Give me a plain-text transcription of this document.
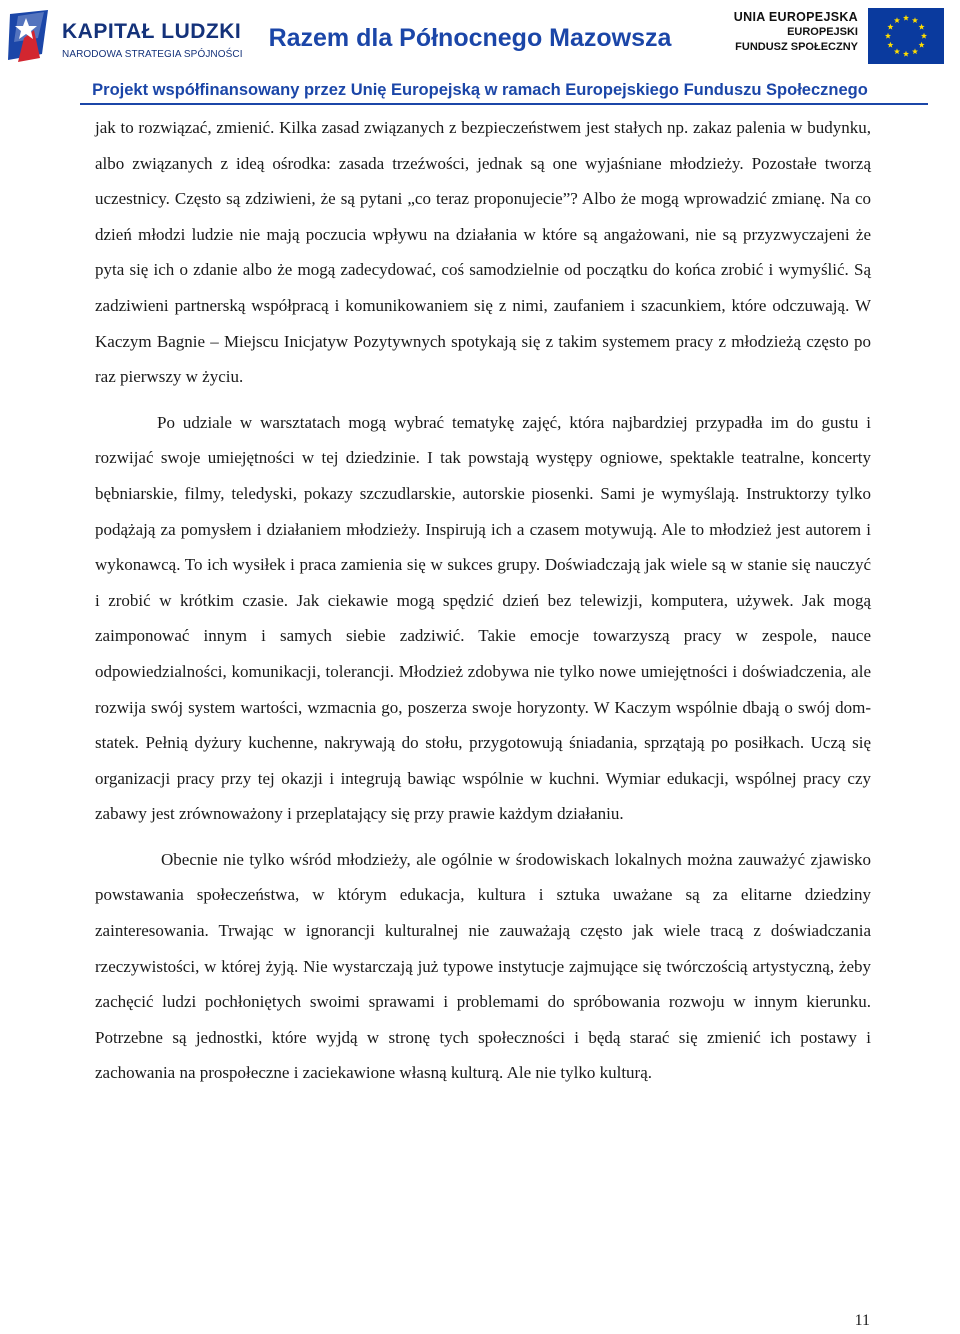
KAPITAŁ LUDZKI
NARODOWA STRATEGIA SPÓJNOŚCI
Razem dla Północnego Mazowsza
UNIA EUROPEJSKA
EUROPEJSKI
FUNDUSZ SPOŁECZNY
Projekt współfinansowany przez Unię Europejską w ramach Europejskiego Funduszu Społecznego

jak to rozwiązać, zmienić. Kilka zasad związanych z bezpieczeństwem jest stałych np. zakaz palenia w budynku, albo związanych z ideą ośrodka: zasada trzeźwości, jednak są one wyjaśniane młodzieży. Pozostałe tworzą uczestnicy. Często są zdziwieni, że są pytani „co teraz proponujecie”? Albo że mogą wprowadzić zmianę. Na co dzień młodzi ludzie nie mają poczucia wpływu na działania w które są angażowani, nie są przyzwyczajeni że pyta się ich o zdanie albo że mogą zadecydować, coś samodzielnie od początku do końca zrobić i wymyślić. Są zadziwieni partnerską współpracą i komunikowaniem się z nimi, zaufaniem i szacunkiem, które odczuwają. W Kaczym Bagnie – Miejscu Inicjatyw Pozytywnych spotykają się z takim systemem pracy z młodzieżą często po raz pierwszy w życiu.

Po udziale w warsztatach mogą wybrać tematykę zajęć, która najbardziej przypadła im do gustu i rozwijać swoje umiejętności w tej dziedzinie. I tak powstają występy ogniowe, spektakle teatralne, koncerty bębniarskie, filmy, teledyski, pokazy szczudlarskie, autorskie piosenki. Sami je wymyślają. Instruktorzy tylko podążają za pomysłem i działaniem młodzieży. Inspirują ich a czasem motywują. Ale to młodzież jest autorem i wykonawcą. To ich wysiłek i praca zamienia się w sukces grupy. Doświadczają jak wiele są w stanie się nauczyć i zrobić w krótkim czasie. Jak ciekawie mogą spędzić dzień bez telewizji, komputera, używek. Jak mogą zaimponować innym i samych siebie zadziwić. Takie emocje towarzyszą pracy w zespole, nauce odpowiedzialności, komunikacji, tolerancji. Młodzież zdobywa nie tylko nowe umiejętności i doświadczenia, ale rozwija swój system wartości, wzmacnia go, poszerza swoje horyzonty. W Kaczym wspólnie dbają o swój dom-statek. Pełnią dyżury kuchenne, nakrywają do stołu, przygotowują śniadania, sprzątają po posiłkach. Uczą się organizacji pracy przy tej okazji i integrują bawiąc wspólnie w kuchni. Wymiar edukacji, wspólnej pracy czy zabawy jest zrównoważony i przeplatający się przy prawie każdym działaniu.

Obecnie nie tylko wśród młodzieży, ale ogólnie w środowiskach lokalnych można zauważyć zjawisko powstawania społeczeństwa, w którym edukacja, kultura i sztuka uważane są za elitarne dziedziny zainteresowania. Trwając w ignorancji kulturalnej nie zauważają często jak wiele tracą z doświadczania rzeczywistości, w której żyją. Nie wystarczają już typowe instytucje zajmujące się twórczością artystyczną, żeby zachęcić ludzi pochłoniętych swoimi sprawami i problemami do spróbowania rozwoju w innym kierunku. Potrzebne są jednostki, które wyjdą w stronę tych społeczności i będą starać się zmienić ich postawy i zachowania na prospołeczne i zaciekawione własną kulturą. Ale nie tylko kulturą.

11
